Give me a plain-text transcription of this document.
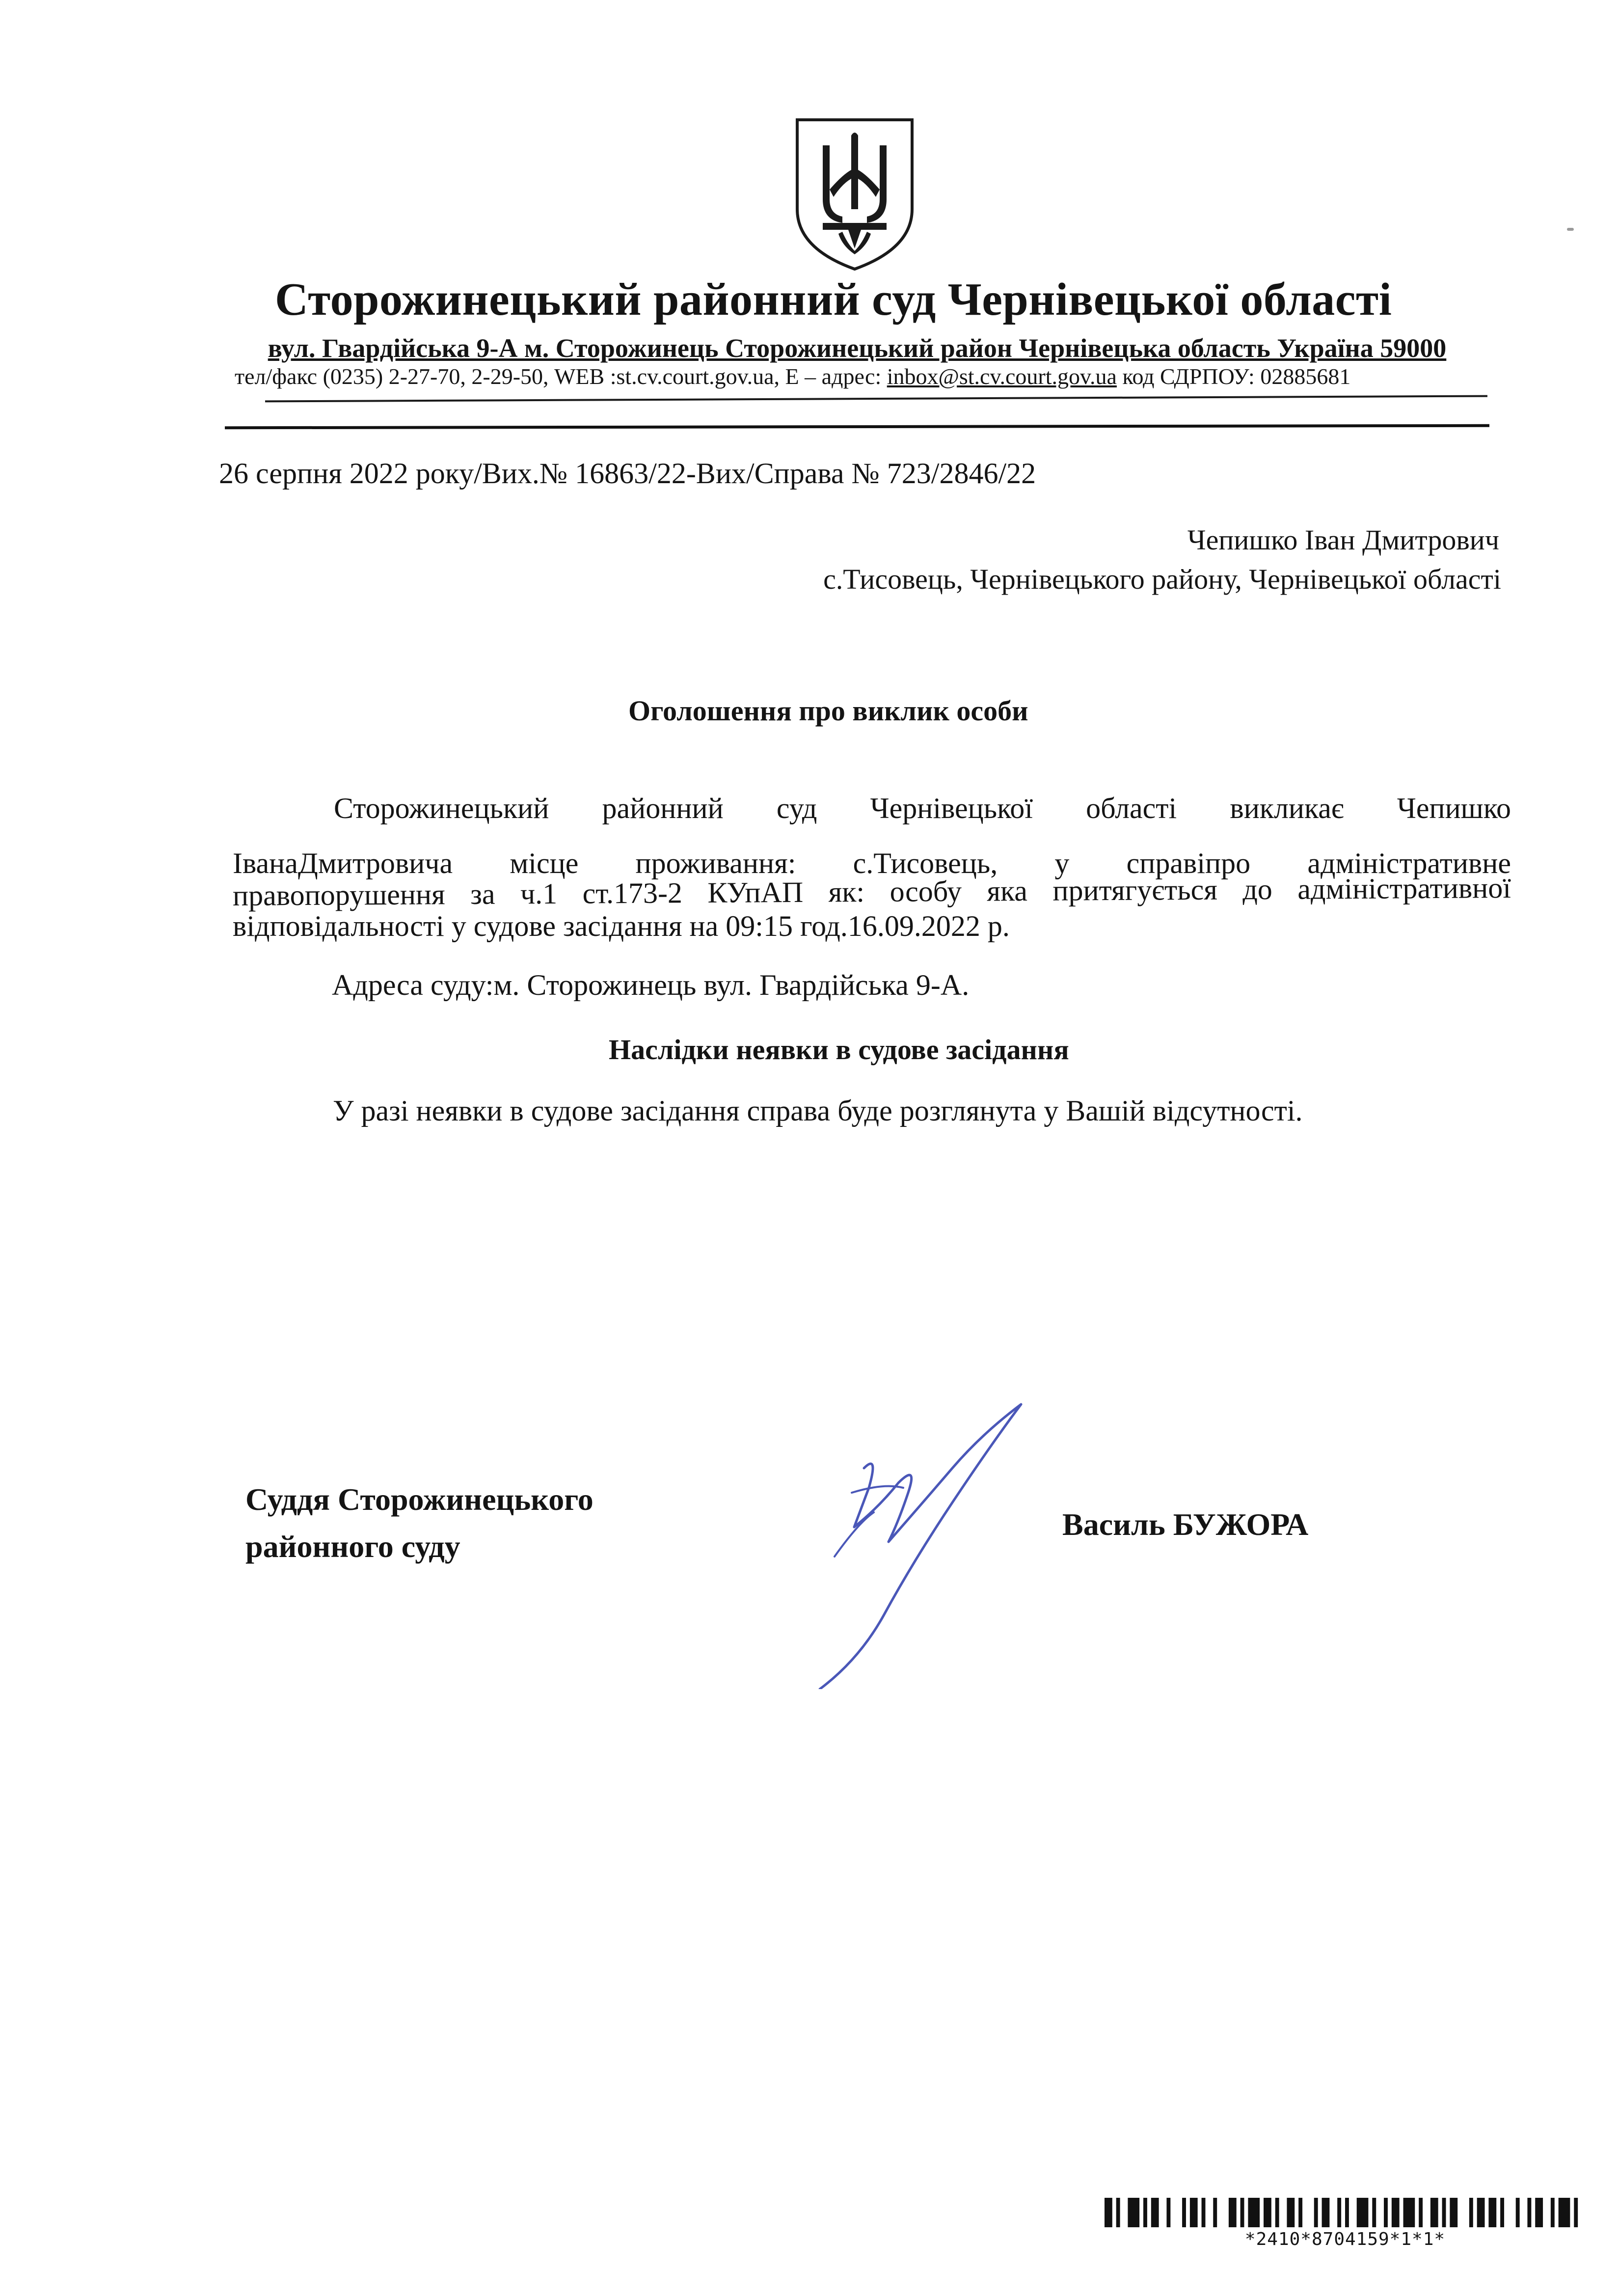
Сторожинецький районний суд Чернівецької області
вул. Гвардійська 9-А м. Сторожинець Сторожинецький район Чернівецька область Україна 59000
тел/факс (0235) 2-27-70, 2-29-50, WEB :st.cv.court.gov.ua, E – адрес: inbox@st.cv.court.gov.ua код СДРПОУ: 02885681
26 серпня 2022 року/Вих.№ 16863/22-Вих/Справа № 723/2846/22
Чепишко Іван Дмитрович
с.Тисовець, Чернівецького району, Чернівецької області
Оголошення про виклик особи
Сторожинецький районний суд Чернівецької області викликає Чепишко
ІванаДмитровича місце проживання: с.Тисовець, у справіпро адміністративне
правопорушення за ч.1 ст.173-2 КУпАП як: особу яка притягується до адміністративної
відповідальності у судове засідання на 09:15 год.16.09.2022 р.
Адреса суду:м. Сторожинець вул. Гвардійська 9-А.
Наслідки неявки в судове засідання
У разі неявки в судове засідання справа буде розглянута у Вашій відсутності.
Суддя Сторожинецького
районного суду
Василь БУЖОРА
*2410*8704159*1*1*
